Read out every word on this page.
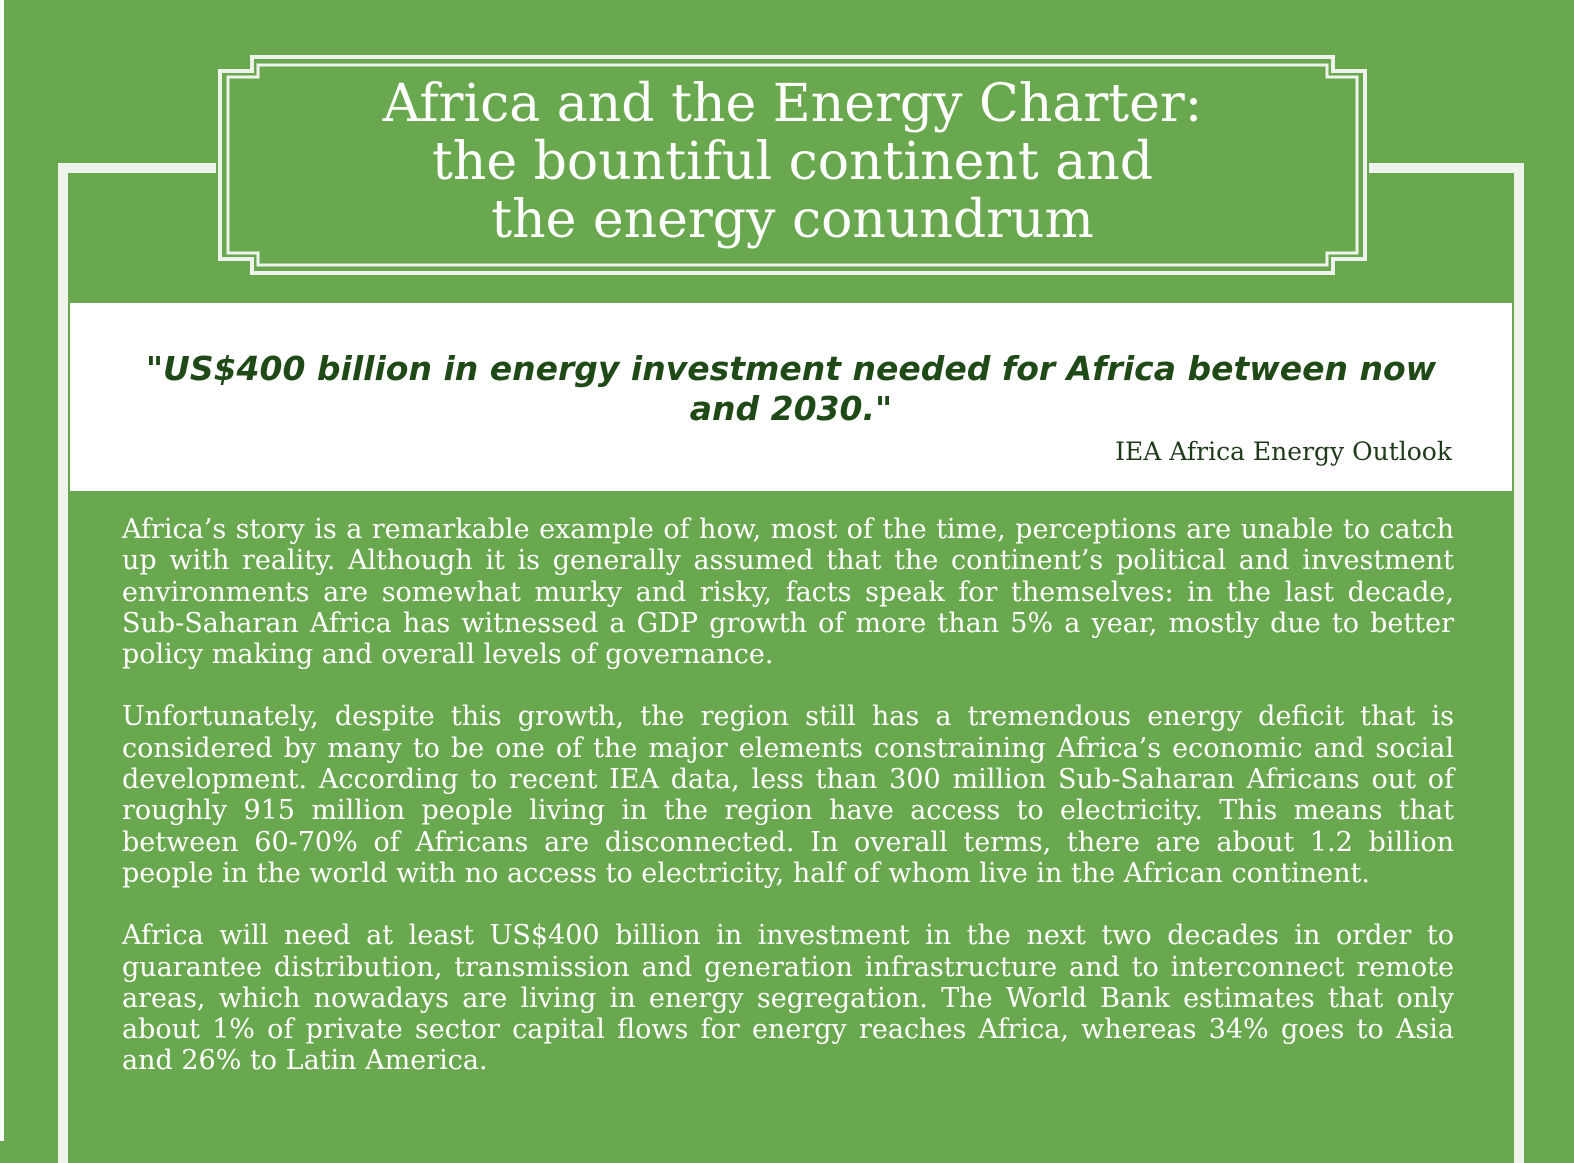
Africa and the Energy Charter:
the bountiful continent and
the energy conundrum

"US$400 billion in energy investment needed for Africa between now and 2030."

IEA Africa Energy Outlook

Africa’s story is a remarkable example of how, most of the time, perceptions are unable to catch up with reality. Although it is generally assumed that the continent’s political and investment environments are somewhat murky and risky, facts speak for themselves: in the last decade, Sub-Saharan Africa has witnessed a GDP growth of more than 5% a year, mostly due to better policy making and overall levels of governance.

Unfortunately, despite this growth, the region still has a tremendous energy deficit that is considered by many to be one of the major elements constraining Africa’s economic and social development. According to recent IEA data, less than 300 million Sub-Saharan Africans out of roughly 915 million people living in the region have access to electricity. This means that between 60-70% of Africans are disconnected. In overall terms, there are about 1.2 billion people in the world with no access to electricity, half of whom live in the African continent.

Africa will need at least US$400 billion in investment in the next two decades in order to guarantee distribution, transmission and generation infrastructure and to interconnect remote areas, which nowadays are living in energy segregation. The World Bank estimates that only about 1% of private sector capital flows for energy reaches Africa, whereas 34% goes to Asia and 26% to Latin America.
